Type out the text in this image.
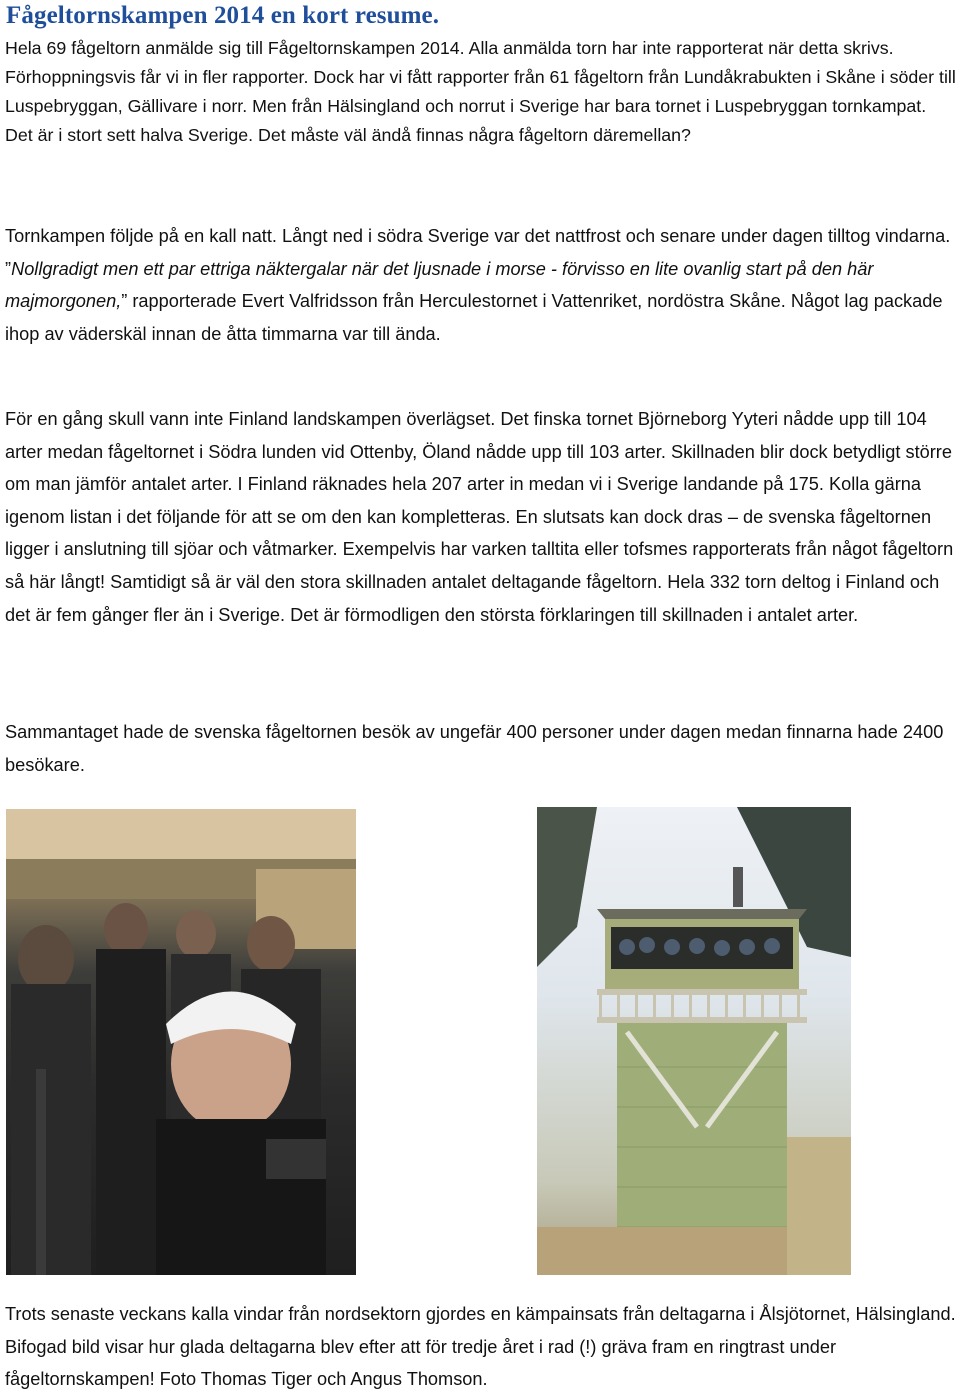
Fågeltornskampen 2014 en kort resume.

Hela 69 fågeltorn anmälde sig till Fågeltornskampen 2014. Alla anmälda torn har inte rapporterat när detta skrivs. Förhoppningsvis får vi in fler rapporter. Dock har vi fått rapporter från 61 fågeltorn från Lundåkrabukten i Skåne i söder till Luspebryggan, Gällivare i norr. Men från Hälsingland och norrut i Sverige har bara tornet i Luspebryggan tornkampat. Det är i stort sett halva Sverige. Det måste väl ändå finnas några fågeltorn däremellan?

Tornkampen följde på en kall natt. Långt ned i södra Sverige var det nattfrost och senare under dagen tilltog vindarna. ”Nollgradigt men ett par ettriga näktergalar när det ljusnade i morse - förvisso en lite ovanlig start på den här majmorgonen,” rapporterade Evert Valfridsson från Herculestornet i Vattenriket, nordöstra Skåne. Något lag packade ihop av väderskäl innan de åtta timmarna var till ända.

För en gång skull vann inte Finland landskampen överlägset. Det finska tornet Björneborg Yyteri nådde upp till 104 arter medan fågeltornet i Södra lunden vid Ottenby, Öland nådde upp till 103 arter. Skillnaden blir dock betydligt större om man jämför antalet arter. I Finland räknades hela 207 arter in medan vi i Sverige landande på 175. Kolla gärna igenom listan i det följande för att se om den kan kompletteras. En slutsats kan dock dras – de svenska fågeltornen ligger i anslutning till sjöar och våtmarker. Exempelvis har varken talltita eller tofsmes rapporterats från något fågeltorn så här långt! Samtidigt så är väl den stora skillnaden antalet deltagande fågeltorn. Hela 332 torn deltog i Finland och det är fem gånger fler än i Sverige. Det är förmodligen den största förklaringen till skillnaden i antalet arter.

Sammantaget hade de svenska fågeltornen besök av ungefär 400 personer under dagen medan finnarna hade 2400 besökare.

Trots senaste veckans kalla vindar från nordsektorn gjordes en kämpainsats från deltagarna i Ålsjötornet, Hälsingland. Bifogad bild visar hur glada deltagarna blev efter att för tredje året i rad (!) gräva fram en ringtrast under fågeltornskampen! Foto Thomas Tiger och Angus Thomson.
